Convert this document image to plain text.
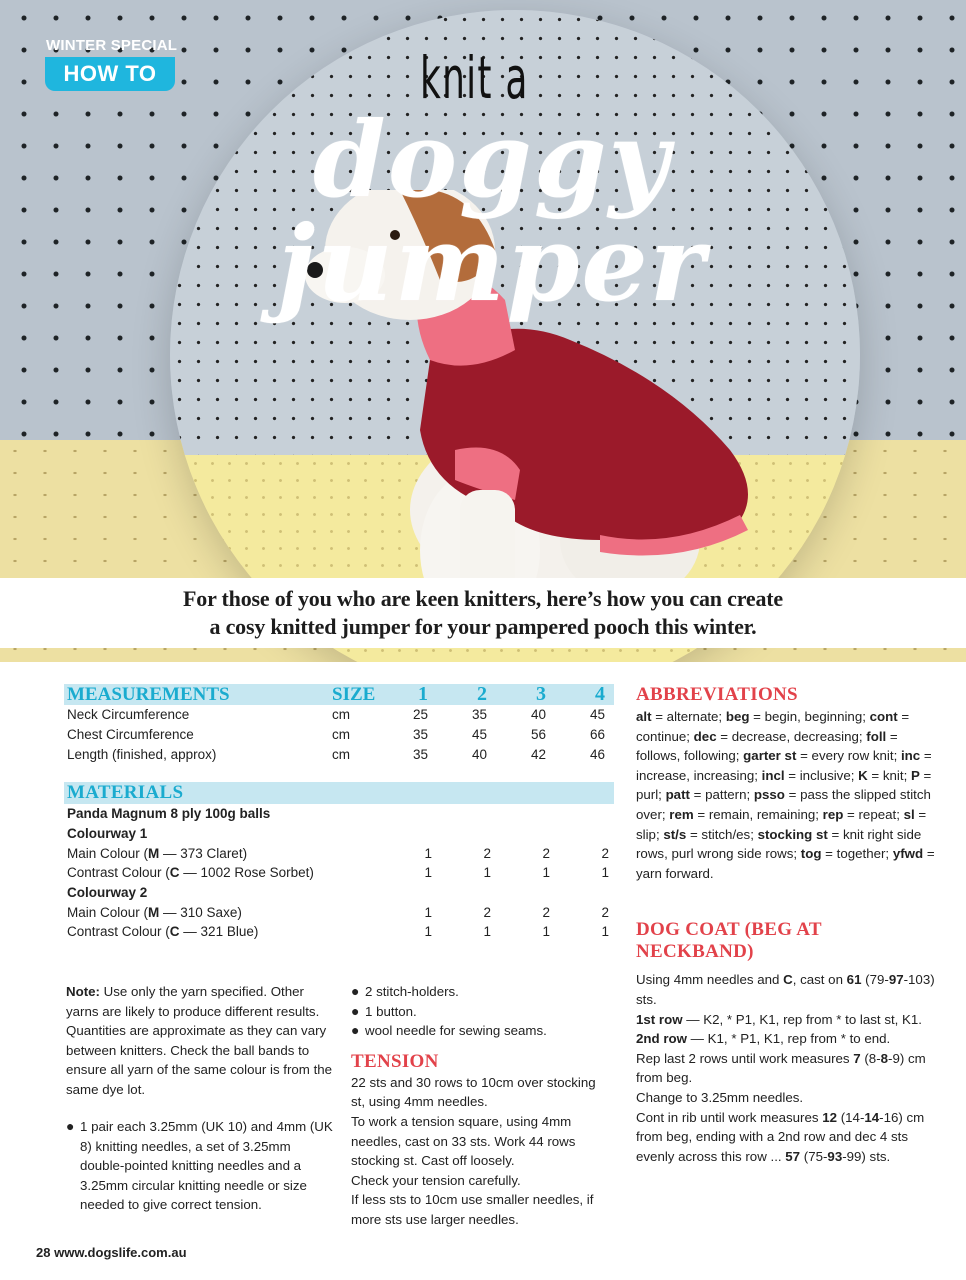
WINTER SPECIAL
HOW TO	knit a
doggy jumper

For those of you who are keen knitters, here’s how you can create

a cosy knitted jumper for your pampered pooch this winter.

MEASUREMENTS	SIZE	1	2	3	4
Neck Circumference	cm	25	35	40	45
Chest Circumference	cm	35	45	56	66
Length (finished, approx)	cm	35	40	42	46
MATERIALS
Panda Magnum 8 ply 100g balls
Colourway 1
Main Colour (M — 373 Claret)	1	2	2	2
Contrast Colour (C — 1002 Rose Sorbet)	1	1	1	1
Colourway 2
Main Colour (M — 310 Saxe)	1	2	2	2
Contrast Colour (C — 321 Blue)	1	1	1	1
Note: Use only the yarn specified. Other yarns are likely to produce different results. Quantities are approximate as they can vary between knitters. Check the ball bands to ensure all yarn of the same colour is from the same dye lot.
● 1 pair each 3.25mm (UK 10) and 4mm (UK 8) knitting needles, a set of 3.25mm double-pointed knitting needles and a 3.25mm circular knitting needle or size needed to give correct tension.
● 2 stitch-holders.
● 1 button.
● wool needle for sewing seams.
TENSION
22 sts and 30 rows to 10cm over stocking st, using 4mm needles.
To work a tension square, using 4mm needles, cast on 33 sts. Work 44 rows stocking st. Cast off loosely.
Check your tension carefully.
If less sts to 10cm use smaller needles, if more sts use larger needles.
ABBREVIATIONS
alt = alternate; beg = begin, beginning; cont = continue; dec = decrease, decreasing; foll = follows, following; garter st = every row knit; inc = increase, increasing; incl = inclusive; K = knit; P = purl; patt = pattern; psso = pass the slipped stitch over; rem = remain, remaining; rep = repeat; sl = slip; st/s = stitch/es; stocking st = knit right side rows, purl wrong side rows; tog = together; yfwd = yarn forward.
DOG COAT (BEG AT
NECKBAND)
Using 4mm needles and C, cast on 61 (79-97-103) sts.
1st row — K2, * P1, K1, rep from * to last st, K1.
2nd row — K1, * P1, K1, rep from * to end.
Rep last 2 rows until work measures 7 (8-8-9) cm from beg.
Change to 3.25mm needles.
Cont in rib until work measures 12 (14-14-16) cm from beg, ending with a 2nd row and dec 4 sts evenly across this row ... 57 (75-93-99) sts.
28 www.dogslife.com.au
